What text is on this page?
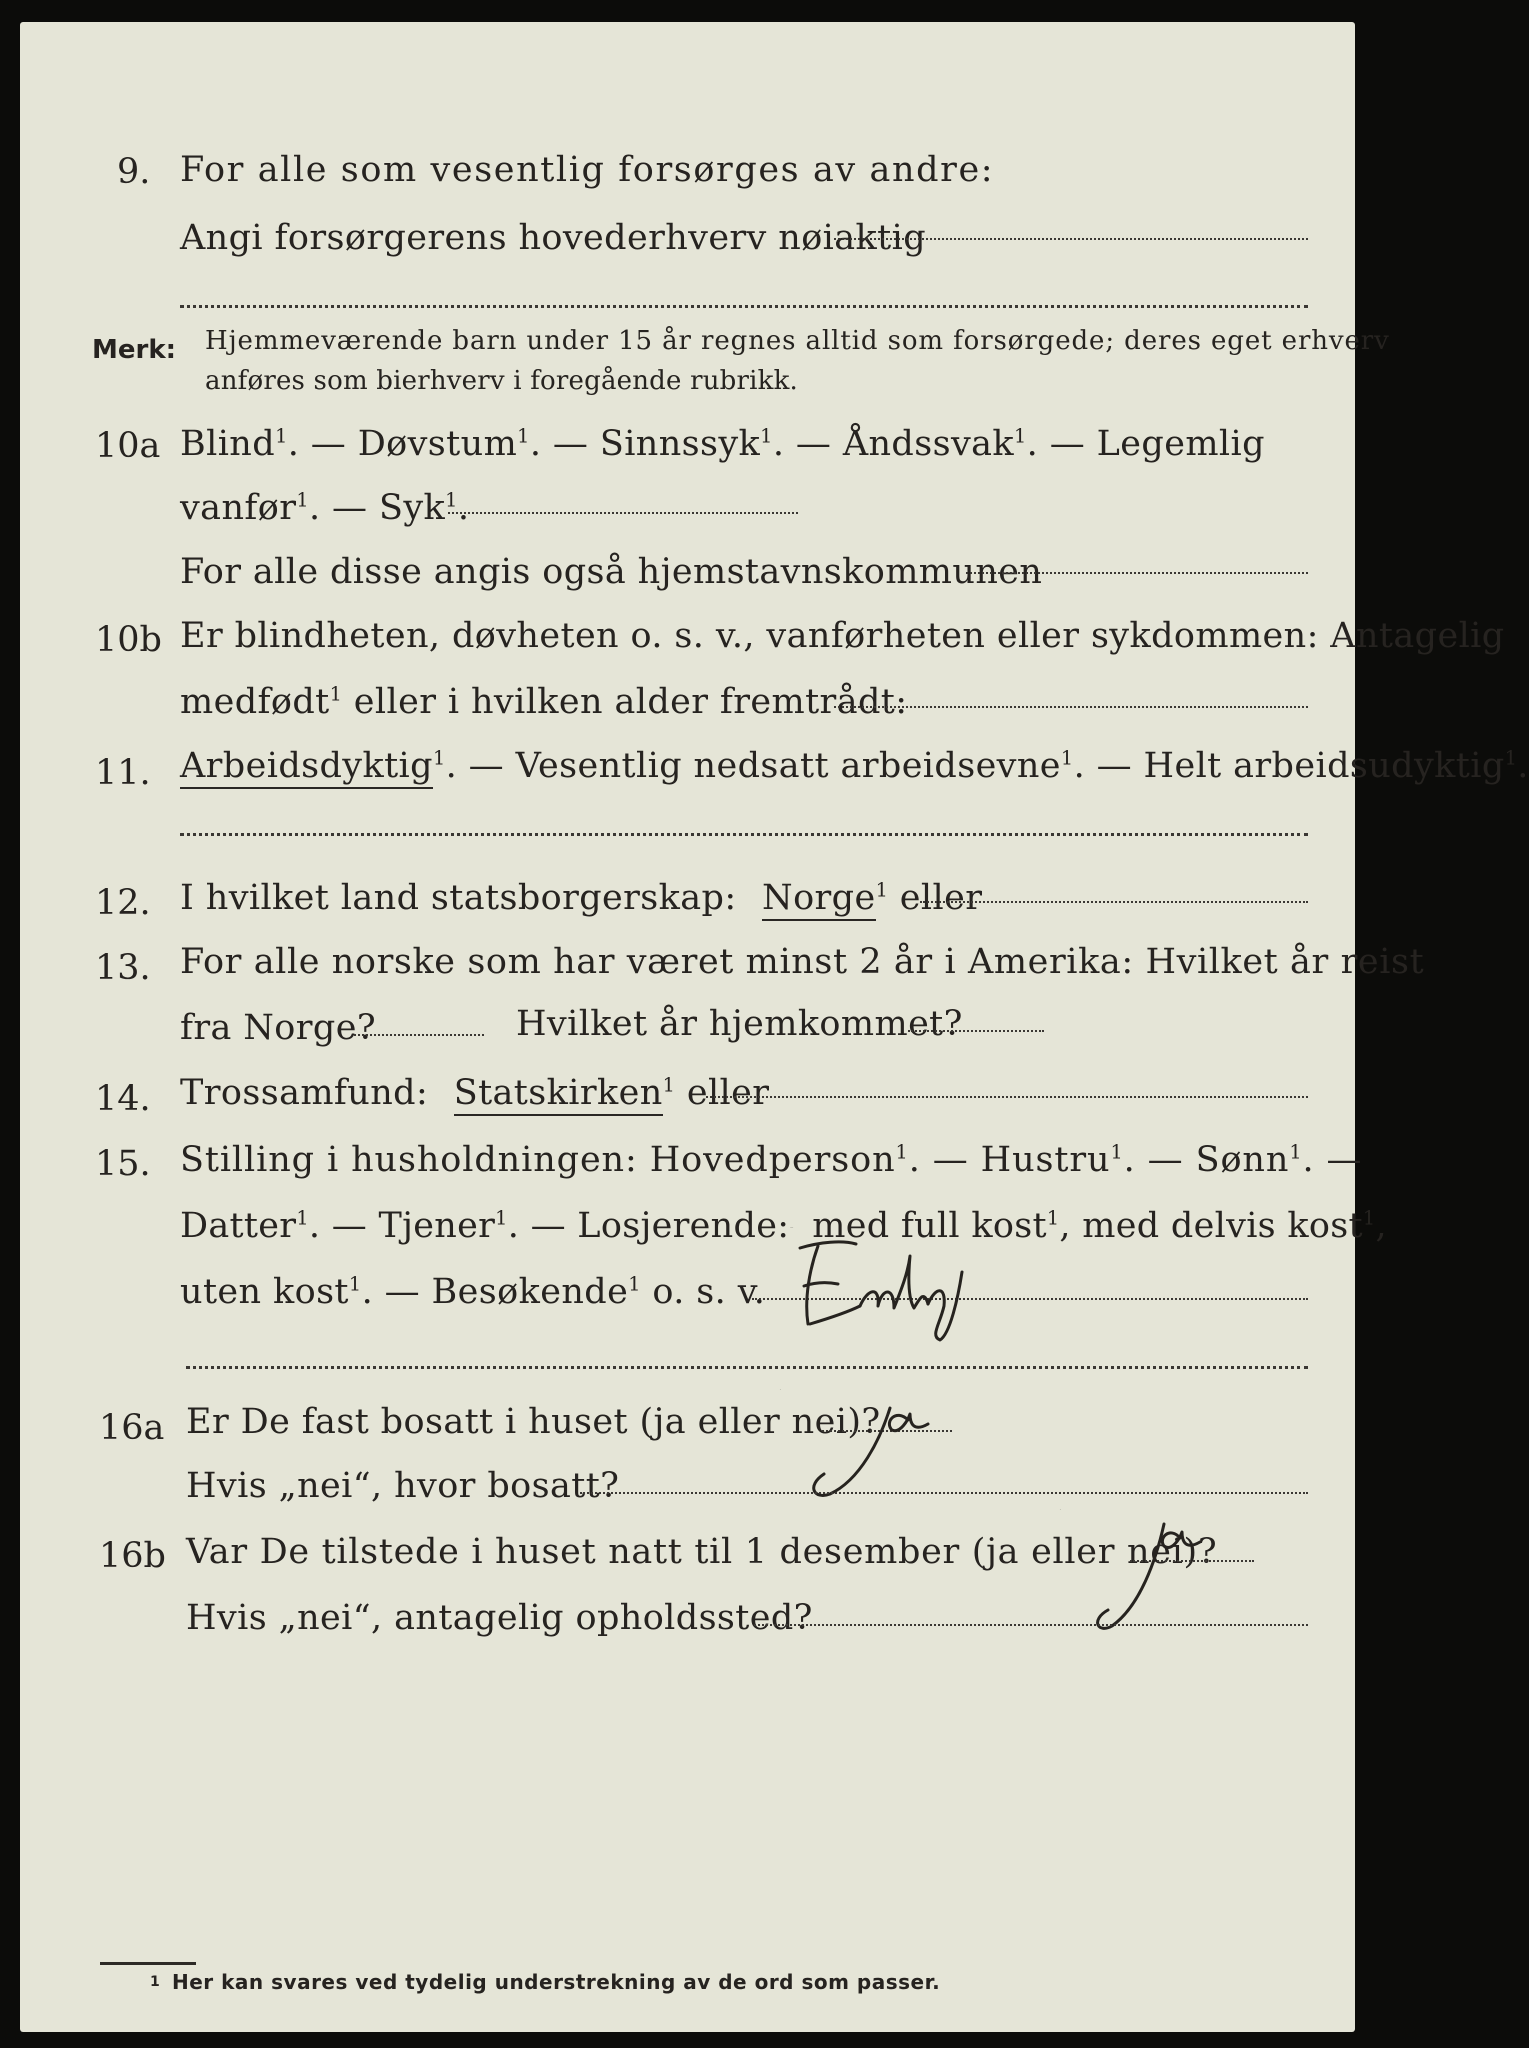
9. For alle som vesentlig forsørges av andre:
Angi forsørgerens hovederhverv nøiaktig
Merk: Hjemmeværende barn under 15 år regnes alltid som forsørgede; deres eget erhverv
anføres som bierhverv i foregående rubrikk.
10a Blind$^1$. — Døvstum$^1$. — Sinnssyk$^1$. — Åndssvak$^1$. — Legemlig
vanfør$^1$. — Syk$^1$.
For alle disse angis også hjemstavnskommunen
10b Er blindheten, døvheten o. s. v., vanførheten eller sykdommen: Antagelig
medfødt$^1$ eller i hvilken alder fremtrådt:
11. Arbeidsdyktig$^1$. — Vesentlig nedsatt arbeidsevne$^1$. — Helt arbeidsudyktig$^1$.
12. I hvilket land statsborgerskap: Norge$^1$ eller
13. For alle norske som har været minst 2 år i Amerika: Hvilket år reist
fra Norge?	Hvilket år hjemkommet?
14. Trossamfund: Statskirken$^1$ eller
15. Stilling i husholdningen: Hovedperson$^1$. — Hustru$^1$. — Sønn$^1$. —
Datter$^1$. — Tjener$^1$. — Losjerende: med full kost$^1$, med delvis kost$^1$,
uten kost$^1$. — Besøkende$^1$ o. s. v.
Enslig
16a Er De fast bosatt i huset (ja eller nei)?
ja
Hvis „nei“, hvor bosatt?
16b Var De tilstede i huset natt til 1 desember (ja eller nei)?
ja
Hvis „nei“, antagelig opholdssted?
1 Her kan svares ved tydelig understrekning av de ord som passer.
